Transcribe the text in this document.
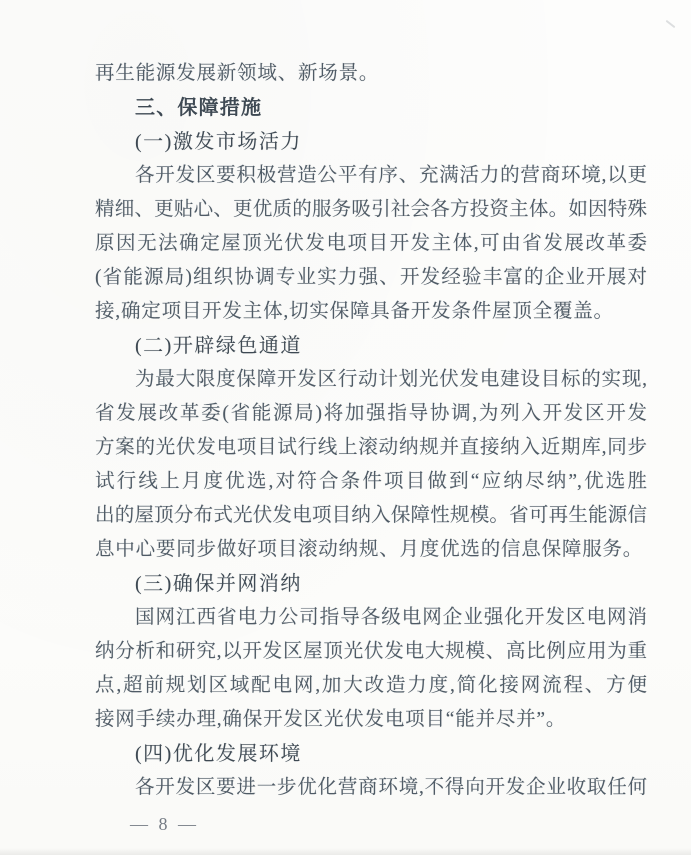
再生能源发展新领域、新场景。
三、保障措施
(一)激发市场活力
各开发区要积极营造公平有序、充满活力的营商环境,以更
精细、更贴心、更优质的服务吸引社会各方投资主体。如因特殊
原因无法确定屋顶光伏发电项目开发主体,可由省发展改革委
(省能源局)组织协调专业实力强、开发经验丰富的企业开展对
接,确定项目开发主体,切实保障具备开发条件屋顶全覆盖。
(二)开辟绿色通道
为最大限度保障开发区行动计划光伏发电建设目标的实现,
省发展改革委(省能源局)将加强指导协调,为列入开发区开发
方案的光伏发电项目试行线上滚动纳规并直接纳入近期库,同步
试行线上月度优选,对符合条件项目做到“应纳尽纳”,优选胜
出的屋顶分布式光伏发电项目纳入保障性规模。省可再生能源信
息中心要同步做好项目滚动纳规、月度优选的信息保障服务。
(三)确保并网消纳
国网江西省电力公司指导各级电网企业强化开发区电网消
纳分析和研究,以开发区屋顶光伏发电大规模、高比例应用为重
点,超前规划区域配电网,加大改造力度,简化接网流程、方便
接网手续办理,确保开发区光伏发电项目“能并尽并”。
(四)优化发展环境
各开发区要进一步优化营商环境,不得向开发企业收取任何
— 8 —
